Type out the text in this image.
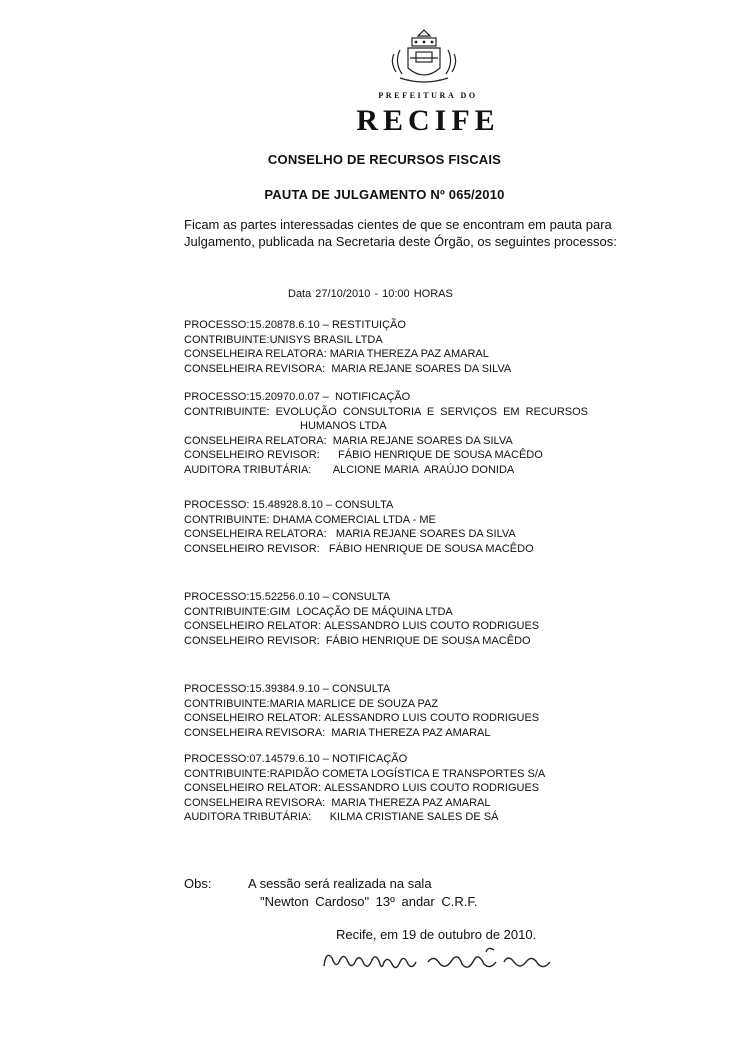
PREFEITURA DO
RECIFE
CONSELHO DE RECURSOS FISCAIS
PAUTA DE JULGAMENTO Nº 065/2010
Ficam as partes interessadas cientes de que se encontram em pauta para Julgamento, publicada na Secretaria deste Órgão, os seguintes processos:
Data 27/10/2010 - 10:00 HORAS
PROCESSO: 15.20878.6.10 – RESTITUIÇÃO
CONTRIBUINTE: UNISYS BRASIL LTDA
CONSELHEIRA RELATORA: MARIA THEREZA PAZ AMARAL
CONSELHEIRA REVISORA: MARIA REJANE SOARES DA SILVA
PROCESSO: 15.20970.0.07 –  NOTIFICAÇÃO
CONTRIBUINTE: EVOLUÇÃO  CONSULTORIA  E  SERVIÇOS  EM  RECURSOS
HUMANOS LTDA
CONSELHEIRA RELATORA: MARIA REJANE SOARES DA SILVA
CONSELHEIRO REVISOR: FÁBIO HENRIQUE DE SOUSA MACÊDO
AUDITORA TRIBUTÁRIA: ALCIONE MARIA  ARAÚJO DONIDA
PROCESSO: 15.48928.8.10 – CONSULTA
CONTRIBUINTE: DHAMA COMERCIAL LTDA - ME
CONSELHEIRA RELATORA: MARIA REJANE SOARES DA SILVA
CONSELHEIRO REVISOR: FÁBIO HENRIQUE DE SOUSA MACÊDO
PROCESSO: 15.52256.0.10 – CONSULTA
CONTRIBUINTE: GIM  LOCAÇÃO DE MÁQUINA LTDA
CONSELHEIRO RELATOR: ALESSANDRO LUIS COUTO RODRIGUES
CONSELHEIRO REVISOR: FÁBIO HENRIQUE DE SOUSA MACÊDO
PROCESSO: 15.39384.9.10 – CONSULTA
CONTRIBUINTE: MARIA MARLICE DE SOUZA PAZ
CONSELHEIRO RELATOR: ALESSANDRO LUIS COUTO RODRIGUES
CONSELHEIRA REVISORA: MARIA THEREZA PAZ AMARAL
PROCESSO: 07.14579.6.10 – NOTIFICAÇÃO
CONTRIBUINTE: RAPIDÃO COMETA LOGÍSTICA E TRANSPORTES S/A
CONSELHEIRO RELATOR: ALESSANDRO LUIS COUTO RODRIGUES
CONSELHEIRA REVISORA: MARIA THEREZA PAZ AMARAL
AUDITORA TRIBUTÁRIA: KILMA CRISTIANE SALES DE SÁ
Obs:	A sessão será realizada na sala
"Newton Cardoso" 13º andar C.R.F.
Recife, em 19 de outubro de 2010.
